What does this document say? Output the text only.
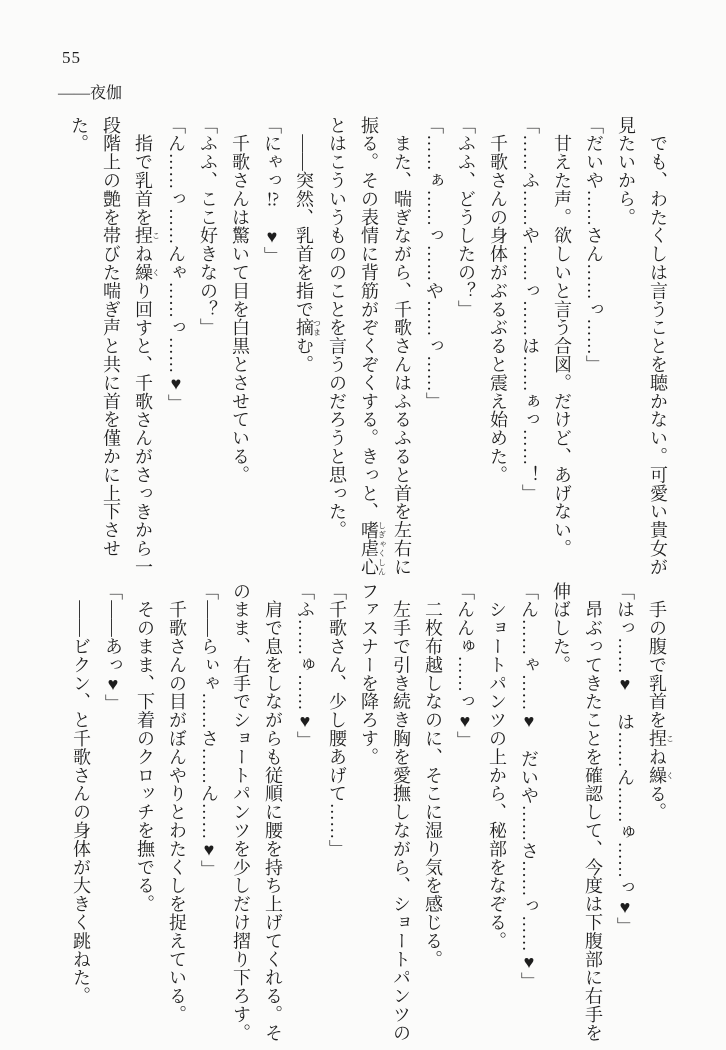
55
——夜伽
　でも、わたくしは言うことを聴かない。可愛い貴女が
見たいから。
「だいや……さん……っ……」
　甘えた声。欲しいと言う合図。だけど、あげない。
「……ふ……や……っ……は……ぁっ……！」
　千歌さんの身体がぶるぶると震え始めた。
「ふふ、どうしたの？」
「……ぁ……っ……や……っ……」
　また、喘ぎながら、千歌さんはふるふると首を左右に
振る。その表情に背筋がぞくぞくする。きっと、嗜虐心しぎゃくしん
とはこういうもののことを言うのだろうと思った。
　——突然、乳首を指で摘つまむ。
「にゃっ⁉　♥」
　千歌さんは驚いて目を白黒とさせている。
「ふふ、ここ好きなの？」
「ん……っ……んゃ……っ……♥」
　指で乳首を捏こね繰くり回すと、千歌さんがさっきから一
段階上の艶を帯びた喘ぎ声と共に首を僅かに上下させ
た。
　手の腹で乳首を捏こね繰くる。
「はっ……♥　は……ん……ゅ……っ♥」
　昂ぶってきたことを確認して、今度は下腹部に右手を
伸ばした。
「ん……ゃ……♥　だいや……さ……っ……♥」
　ショートパンツの上から、秘部をなぞる。
「んんゅ……っ♥」
　二枚布越しなのに、そこに湿り気を感じる。
　左手で引き続き胸を愛撫しながら、ショートパンツの
ファスナーを降ろす。
「千歌さん、少し腰あげて……」
「ふ……ゅ……♥」
　肩で息をしながらも従順に腰を持ち上げてくれる。そ
のまま、右手でショートパンツを少しだけ摺り下ろす。
「——らぃゃ……さ……ん……♥」
　千歌さんの目がぼんやりとわたくしを捉えている。
　そのまま、下着のクロッチを撫でる。
「——あっ♥」
　——ビクン、と千歌さんの身体が大きく跳ねた。
